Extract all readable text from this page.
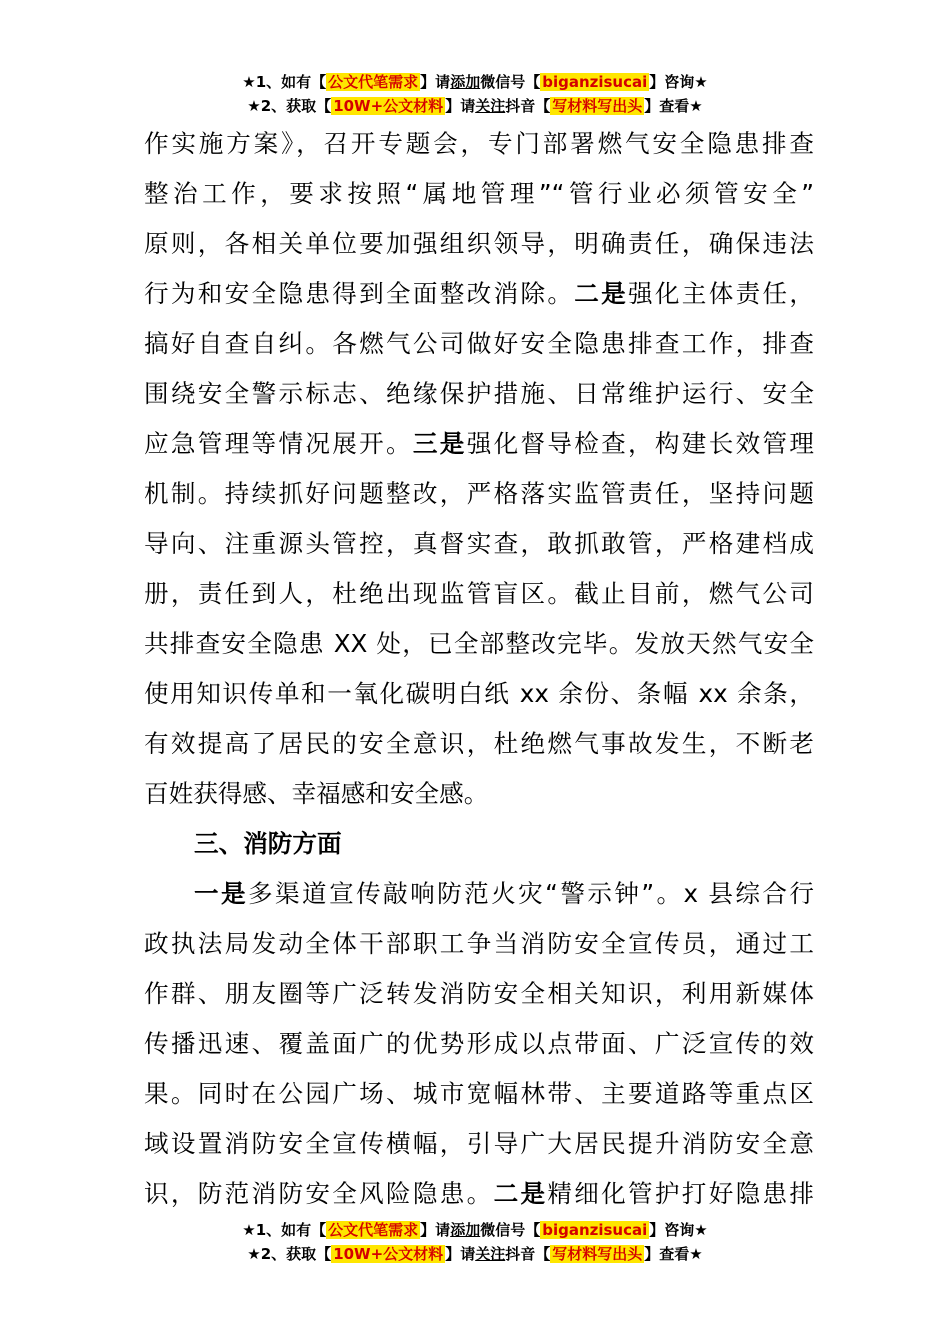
★1、如有【 公文代笔需求 】请添加微信号【 biganzisucai 】咨询★
★2、获取【 10W+公文材料 】请关注抖音【 写材料写出头 】查看★
作实施方案》，召开专题会，专门部署燃气安全隐患排查
整治工作，要求按照“属地管理”“管行业必须管安全”
原则，各相关单位要加强组织领导，明确责任，确保违法
行为和安全隐患得到全面整改消除。二是强化主体责任，
搞好自查自纠。各燃气公司做好安全隐患排查工作，排查
围绕安全警示标志、绝缘保护措施、日常维护运行、安全
应急管理等情况展开。三是强化督导检查，构建长效管理
机制。持续抓好问题整改，严格落实监管责任，坚持问题
导向、注重源头管控，真督实查，敢抓敢管，严格建档成
册，责任到人，杜绝出现监管盲区。截止目前，燃气公司
共排查安全隐患 XX 处，已全部整改完毕。发放天然气安全
使用知识传单和一氧化碳明白纸 xx 余份、条幅 xx 余条，
有效提高了居民的安全意识，杜绝燃气事故发生，不断老
百姓获得感、幸福感和安全感。
三、消防方面
一是多渠道宣传敲响防范火灾“警示钟”。x 县综合行
政执法局发动全体干部职工争当消防安全宣传员，通过工
作群、朋友圈等广泛转发消防安全相关知识，利用新媒体
传播迅速、覆盖面广的优势形成以点带面、广泛宣传的效
果。同时在公园广场、城市宽幅林带、主要道路等重点区
域设置消防安全宣传横幅，引导广大居民提升消防安全意
识，防范消防安全风险隐患。二是精细化管护打好隐患排
★1、如有【 公文代笔需求 】请添加微信号【 biganzisucai 】咨询★
★2、获取【 10W+公文材料 】请关注抖音【 写材料写出头 】查看★
